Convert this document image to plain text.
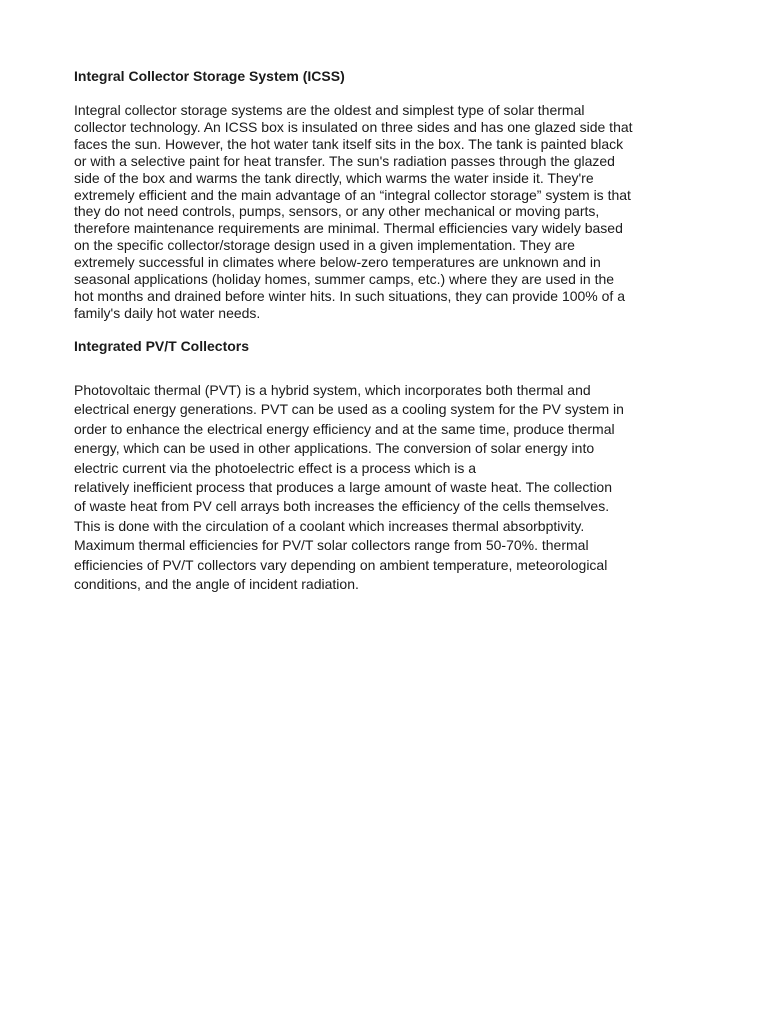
Integral Collector Storage System (ICSS)

Integral collector storage systems are the oldest and simplest type of solar thermal
collector technology. An ICSS box is insulated on three sides and has one glazed side that
faces the sun. However, the hot water tank itself sits in the box. The tank is painted black
or with a selective paint for heat transfer. The sun's radiation passes through the glazed
side of the box and warms the tank directly, which warms the water inside it. They're
extremely efficient and the main advantage of an “integral collector storage” system is that
they do not need controls, pumps, sensors, or any other mechanical or moving parts,
therefore maintenance requirements are minimal. Thermal efficiencies vary widely based
on the specific collector/storage design used in a given implementation. They are
extremely successful in climates where below-zero temperatures are unknown and in
seasonal applications (holiday homes, summer camps, etc.) where they are used in the
hot months and drained before winter hits. In such situations, they can provide 100% of a
family's daily hot water needs.

Integrated PV/T Collectors

Photovoltaic thermal (PVT) is a hybrid system, which incorporates both thermal and
electrical energy generations. PVT can be used as a cooling system for the PV system in
order to enhance the electrical energy efficiency and at the same time, produce thermal
energy, which can be used in other applications. The conversion of solar energy into
electric current via the photoelectric effect is a process which is a
relatively inefficient process that produces a large amount of waste heat. The collection
of waste heat from PV cell arrays both increases the efficiency of the cells themselves.
This is done with the circulation of a coolant which increases thermal absorbptivity.
Maximum thermal efficiencies for PV/T solar collectors range from 50-70%. thermal
efficiencies of PV/T collectors vary depending on ambient temperature, meteorological
conditions, and the angle of incident radiation.
